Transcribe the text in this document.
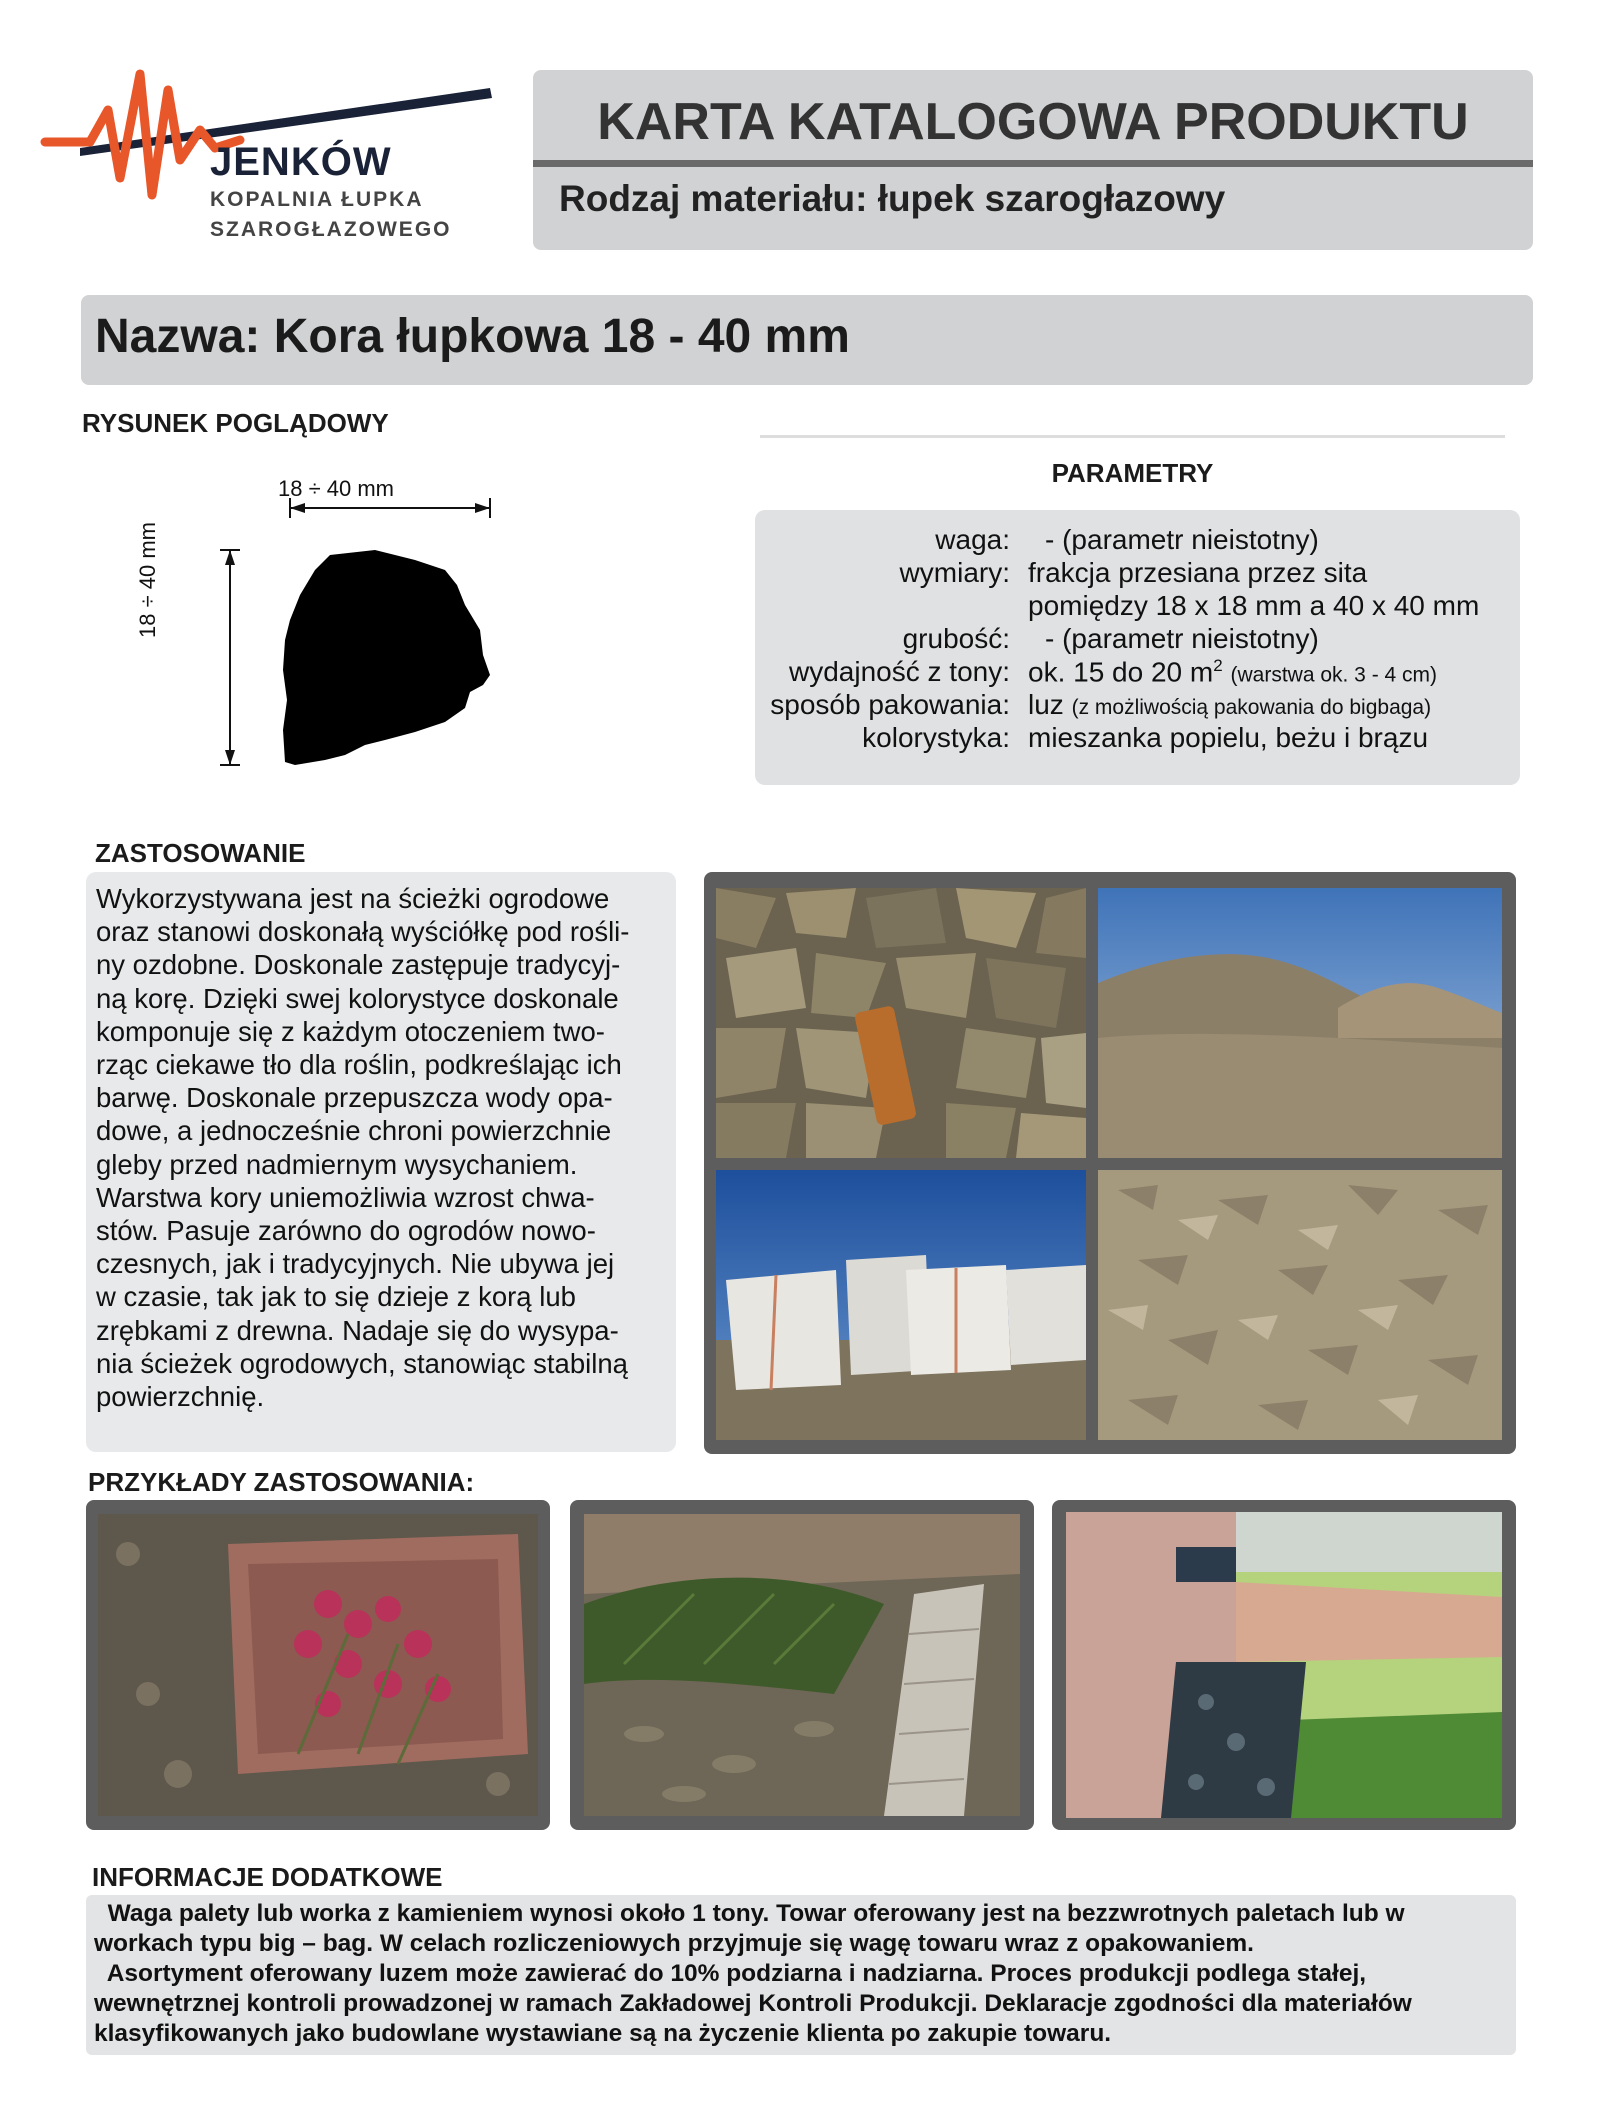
JENKÓW
KOPALNIA ŁUPKA
SZAROGŁAZOWEGO
KARTA KATALOGOWA PRODUKTU
Rodzaj materiału: łupek szarogłazowy
Nazwa: Kora łupkowa 18 - 40 mm
RYSUNEK POGLĄDOWY
18 ÷ 40 mm
18 ÷ 40 mm
PARAMETRY
waga: - (parametr nieistotny)
wymiary: frakcja przesiana przez sita
pomiędzy 18 x 18 mm a 40 x 40 mm
grubość: - (parametr nieistotny)
wydajność z tony: ok. 15 do 20 $m^2$ (warstwa ok. 3 - 4 cm)
sposób pakowania: luz (z możliwością pakowania do bigbaga)
kolorystyka: mieszanka popielu, beżu i brązu
ZASTOSOWANIE
Wykorzystywana jest na ścieżki ogrodowe
oraz stanowi doskonałą wyściółkę pod rośli-
ny ozdobne. Doskonale zastępuje tradycyj-
ną korę. Dzięki swej kolorystyce doskonale
komponuje się z każdym otoczeniem two-
rząc ciekawe tło dla roślin, podkreślając ich
barwę. Doskonale przepuszcza wody opa-
dowe, a jednocześnie chroni powierzchnie
gleby przed nadmiernym wysychaniem.
Warstwa kory uniemożliwia wzrost chwa-
stów. Pasuje zarówno do ogrodów nowo-
czesnych, jak i tradycyjnych. Nie ubywa jej
w czasie, tak jak to się dzieje z korą lub
zrębkami z drewna. Nadaje się do wysypa-
nia ścieżek ogrodowych, stanowiąc stabilną
powierzchnię.
PRZYKŁADY ZASTOSOWANIA:
INFORMACJE DODATKOWE
Waga palety lub worka z kamieniem wynosi około 1 tony. Towar oferowany jest na bezzwrotnych paletach lub w
workach typu big – bag. W celach rozliczeniowych przyjmuje się wagę towaru wraz z opakowaniem.
Asortyment oferowany luzem może zawierać do 10% podziarna i nadziarna. Proces produkcji podlega stałej,
wewnętrznej kontroli prowadzonej w ramach Zakładowej Kontroli Produkcji. Deklaracje zgodności dla materiałów
klasyfikowanych jako budowlane wystawiane są na życzenie klienta po zakupie towaru.
